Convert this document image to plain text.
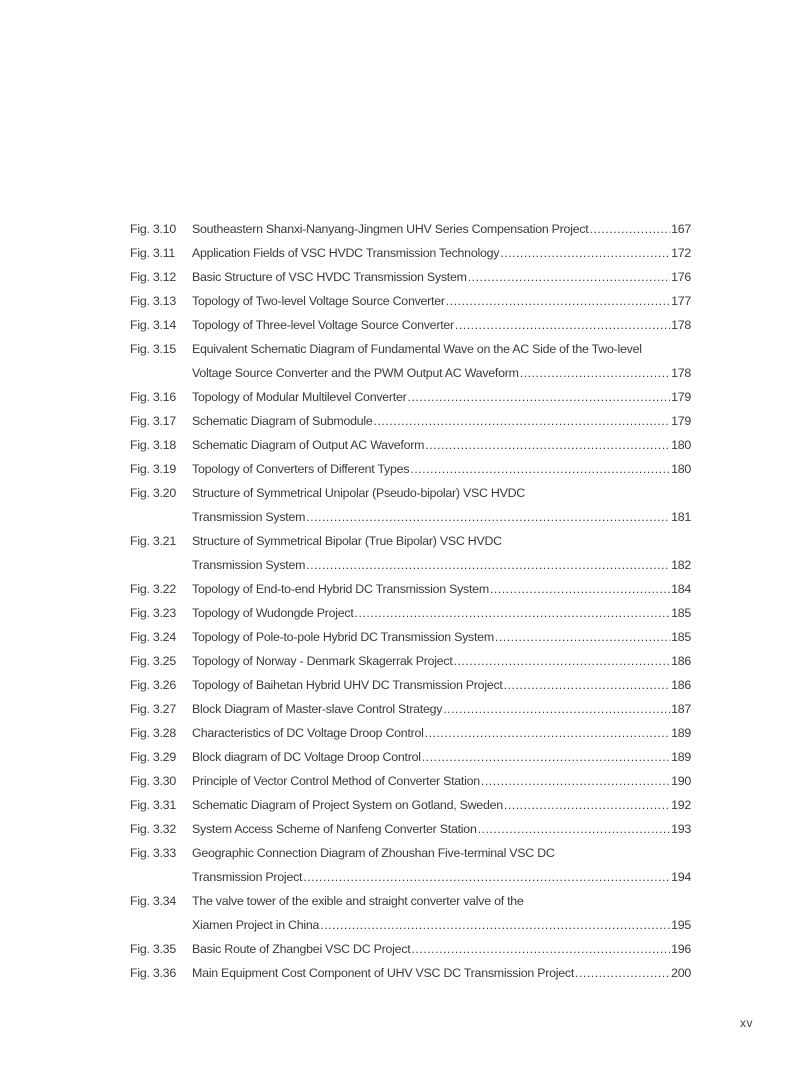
Fig. 3.10	Southeastern Shanxi-Nanyang-Jingmen UHV Series Compensation Project .....	167
Fig. 3.11	Application Fields of VSC HVDC Transmission Technology .....	172
Fig. 3.12	Basic Structure of VSC HVDC Transmission System .....	176
Fig. 3.13	Topology of Two-level Voltage Source Converter .....	177
Fig. 3.14	Topology of Three-level Voltage Source Converter .....	178
Fig. 3.15	Equivalent Schematic Diagram of Fundamental Wave on the AC Side of the Two-level
Voltage Source Converter and the PWM Output AC Waveform .....	178
Fig. 3.16	Topology of Modular Multilevel Converter .....	179
Fig. 3.17	Schematic Diagram of Submodule .....	179
Fig. 3.18	Schematic Diagram of Output AC Waveform .....	180
Fig. 3.19	Topology of Converters of Different Types .....	180
Fig. 3.20	Structure of Symmetrical Unipolar (Pseudo-bipolar) VSC HVDC
Transmission System .....	181
Fig. 3.21	Structure of Symmetrical Bipolar (True Bipolar) VSC HVDC
Transmission System .....	182
Fig. 3.22	Topology of End-to-end Hybrid DC Transmission System .....	184
Fig. 3.23	Topology of Wudongde Project .....	185
Fig. 3.24	Topology of Pole-to-pole Hybrid DC Transmission System .....	185
Fig. 3.25	Topology of Norway - Denmark Skagerrak Project .....	186
Fig. 3.26	Topology of Baihetan Hybrid UHV DC Transmission Project .....	186
Fig. 3.27	Block Diagram of Master-slave Control Strategy .....	187
Fig. 3.28	Characteristics of DC Voltage Droop Control .....	189
Fig. 3.29	Block diagram of DC Voltage Droop Control .....	189
Fig. 3.30	Principle of Vector Control Method of Converter Station .....	190
Fig. 3.31	Schematic Diagram of Project System on Gotland, Sweden .....	192
Fig. 3.32	System Access Scheme of Nanfeng Converter Station .....	193
Fig. 3.33	Geographic Connection Diagram of Zhoushan Five-terminal VSC DC
Transmission Project .....	194
Fig. 3.34	The valve tower of the exible and straight converter valve of the
Xiamen Project in China .....	195
Fig. 3.35	Basic Route of Zhangbei VSC DC Project .....	196
Fig. 3.36	Main Equipment Cost Component of UHV VSC DC Transmission Project .....	200
xv
